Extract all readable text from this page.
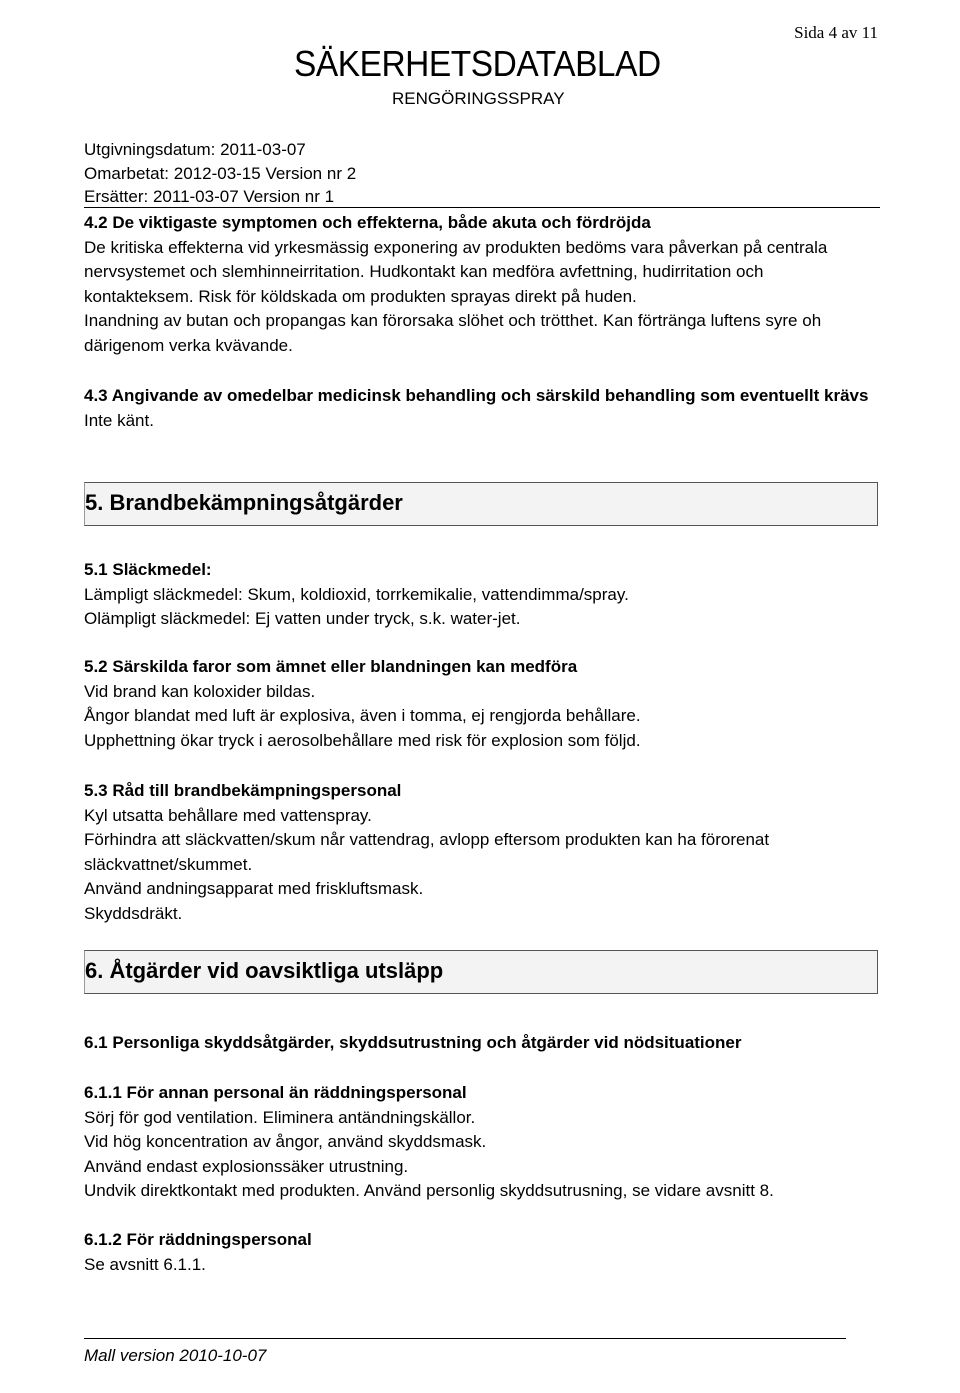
Sida 4 av 11
SÄKERHETSDATABLAD
RENGÖRINGSSPRAY
Utgivningsdatum: 2011-03-07
Omarbetat: 2012-03-15 Version nr 2
Ersätter: 2011-03-07 Version nr 1

4.2 De viktigaste symptomen och effekterna, både akuta och fördröjda

De kritiska effekterna vid yrkesmässig exponering av produkten bedöms vara påverkan på centrala nervsystemet och slemhinneirritation. Hudkontakt kan medföra avfettning, hudirritation och kontakteksem. Risk för köldskada om produkten sprayas direkt på huden.

Inandning av butan och propangas kan förorsaka slöhet och trötthet. Kan förtränga luftens syre oh därigenom verka kvävande.

4.3 Angivande av omedelbar medicinsk behandling och särskild behandling som eventuellt krävs

Inte känt.

5. Brandbekämpningsåtgärder

5.1 Släckmedel:

Lämpligt släckmedel: Skum, koldioxid, torrkemikalie, vattendimma/spray.

Olämpligt släckmedel: Ej vatten under tryck, s.k. water-jet.

5.2 Särskilda faror som ämnet eller blandningen kan medföra

Vid brand kan koloxider bildas.

Ångor blandat med luft är explosiva, även i tomma, ej rengjorda behållare.

Upphettning ökar tryck i aerosolbehållare med risk för explosion som följd.

5.3 Råd till brandbekämpningspersonal

Kyl utsatta behållare med vattenspray.

Förhindra att släckvatten/skum når vattendrag, avlopp eftersom produkten kan ha förorenat släckvattnet/skummet.

Använd andningsapparat med friskluftsmask.

Skyddsdräkt.

6. Åtgärder vid oavsiktliga utsläpp

6.1 Personliga skyddsåtgärder, skyddsutrustning och åtgärder vid nödsituationer

6.1.1 För annan personal än räddningspersonal

Sörj för god ventilation. Eliminera antändningskällor.

Vid hög koncentration av ångor, använd skyddsmask.

Använd endast explosionssäker utrustning.

Undvik direktkontakt med produkten. Använd personlig skyddsutrusning, se vidare avsnitt 8.

6.1.2 För räddningspersonal

Se avsnitt 6.1.1.

Mall version 2010-10-07
